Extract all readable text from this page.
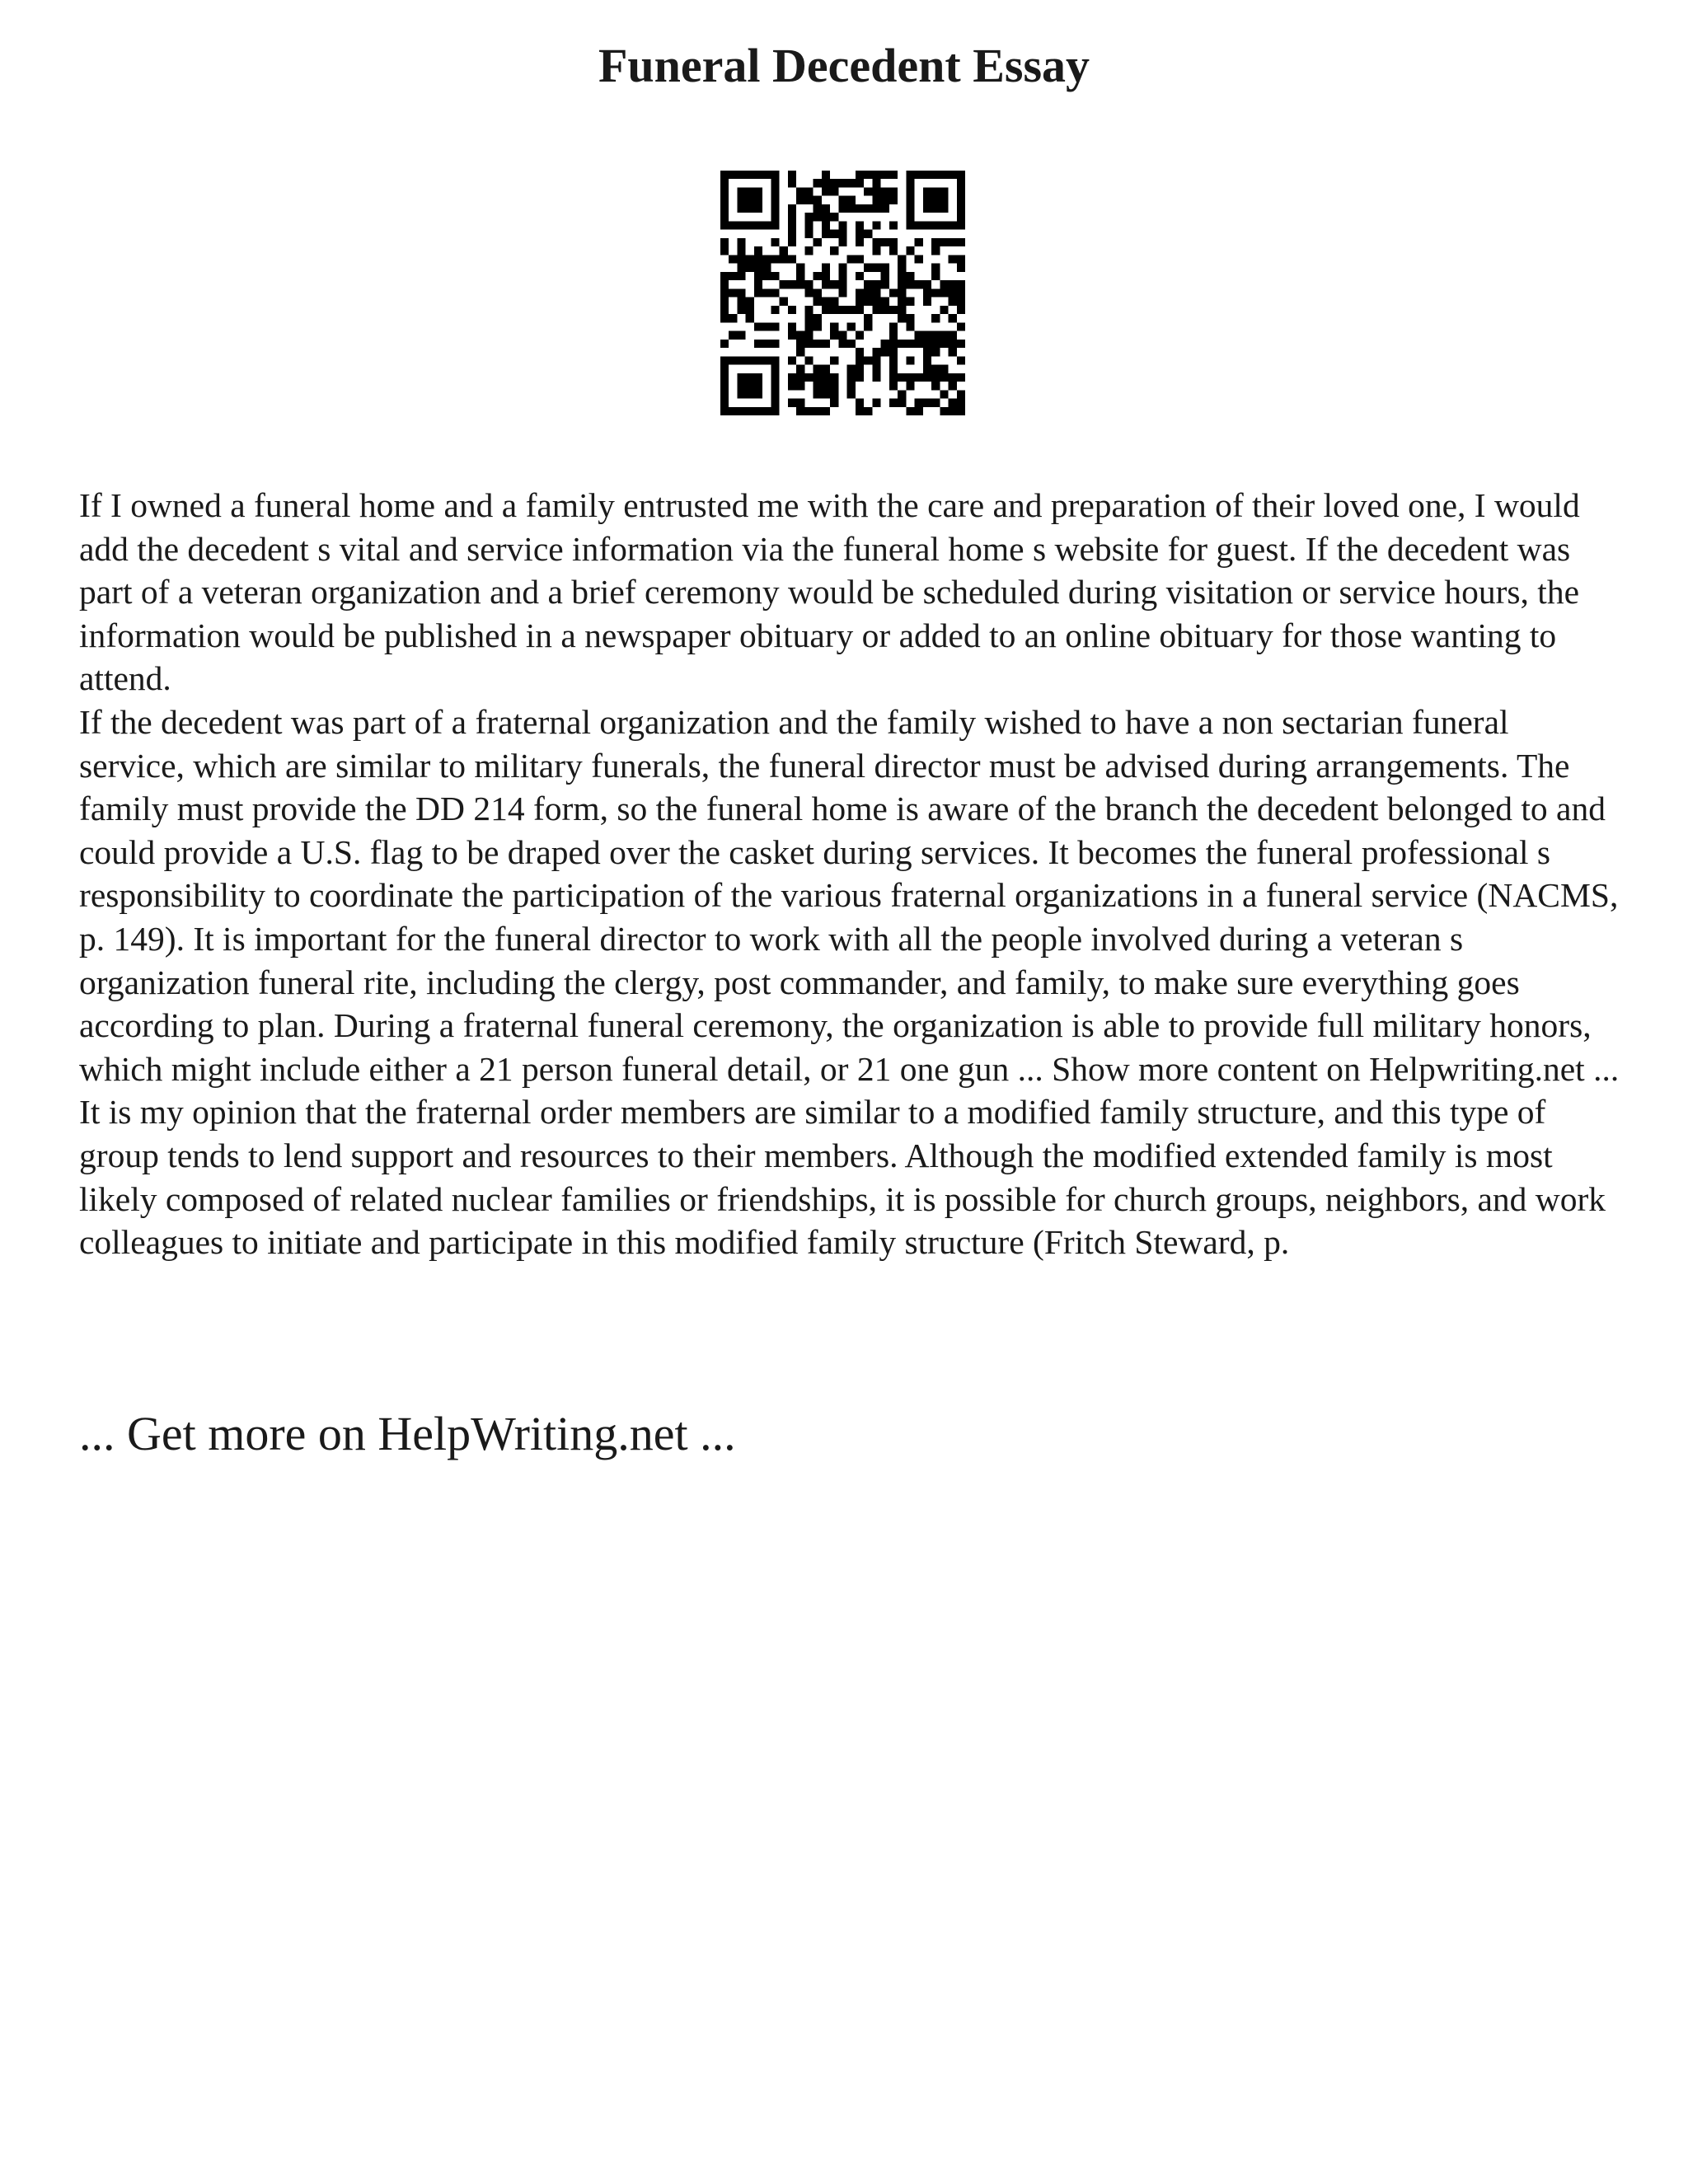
Funeral Decedent Essay

If I owned a funeral home and a family entrusted me with the care and preparation of their loved one, I would add the decedent s vital and service information via the funeral home s website for guest. If the decedent was part of a veteran organization and a brief ceremony would be scheduled during visitation or service hours, the information would be published in a newspaper obituary or added to an online obituary for those wanting to attend.

If the decedent was part of a fraternal organization and the family wished to have a non sectarian funeral service, which are similar to military funerals, the funeral director must be advised during arrangements. The family must provide the DD 214 form, so the funeral home is aware of the branch the decedent belonged to and could provide a U.S. flag to be draped over the casket during services. It becomes the funeral professional s responsibility to coordinate the participation of the various fraternal organizations in a funeral service (NACMS, p. 149). It is important for the funeral director to work with all the people involved during a veteran s organization funeral rite, including the clergy, post commander, and family, to make sure everything goes according to plan. During a fraternal funeral ceremony, the organization is able to provide full military honors, which might include either a 21 person funeral detail, or 21 one gun ... Show more content on Helpwriting.net ...

It is my opinion that the fraternal order members are similar to a modified family structure, and this type of group tends to lend support and resources to their members. Although the modified extended family is most likely composed of related nuclear families or friendships, it is possible for church groups, neighbors, and work colleagues to initiate and participate in this modified family structure (Fritch Steward, p.

... Get more on HelpWriting.net ...
